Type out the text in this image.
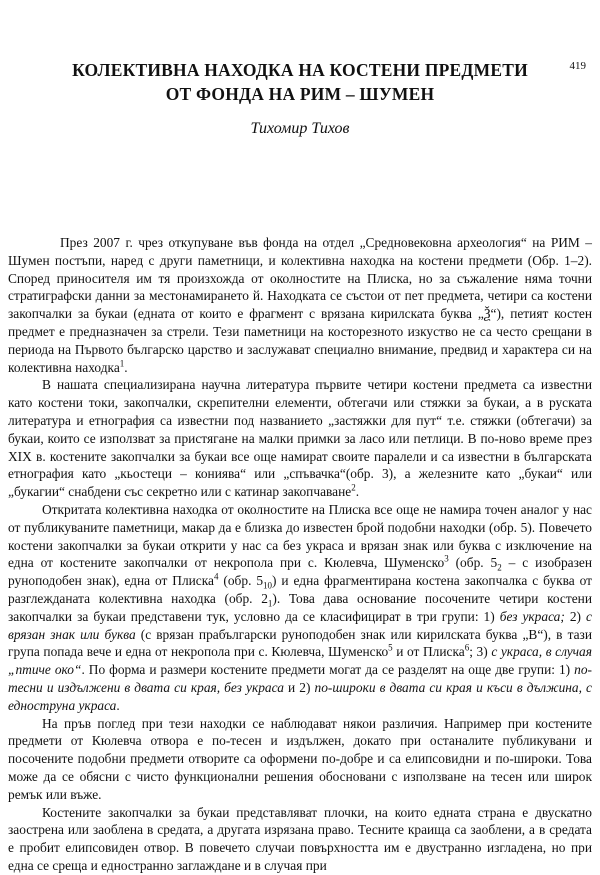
419
КОЛЕКТИВНА НАХОДКА НА КОСТЕНИ ПРЕДМЕТИ
ОТ ФОНДА НА РИМ – ШУМЕН
Тихомир Тихов

През 2007 г. чрез откупуване във фонда на отдел „Средновековна археология“ на РИМ – Шумен постъпи, наред с други паметници, и колективна находка на костени предмети (Обр. 1–2). Според приносителя им тя произхожда от околностите на Плиска, но за съжаление няма точни стратиграфски данни за местонамирането й. Находката се състои от пет предмета, четири са костени закопчалки за букаи (едната от които е фрагмент с врязана кирилската буква „Ѯ“), петият костен предмет е предназначен за стрели. Тези паметници на косторезното изкуство не са често срещани в периода на Първото българско царство и заслужават специално внимание, предвид и характера си на колективна находка$^1$.

В нашата специализирана научна литература първите четири костени предмета са известни като костени токи, закопчалки, скрепителни елементи, обтегачи или стяжки за букаи, а в руската литература и етнография са известни под названието „застяжки для пут“ т.е. стяжки (обтегачи) за букаи, които се използват за пристягане на малки примки за ласо или петлици. В по-ново време през XIX в. костените закопчалки за букаи все още намират своите паралели и са известни в българската етнография като „кьостеци – кониява“ или „спъвачка“(обр. 3), а железните като „букаи“ или „букагии“ снабдени със секретно или с катинар закопчаване$^2$.

Откритата колективна находка от околностите на Плиска все още не намира точен аналог у нас от публикуваните паметници, макар да е близка до известен брой подобни находки (обр. 5). Повечето костени закопчалки за букаи открити у нас са без украса и врязан знак или буква с изключение на една от костените закопчалки от некропола при с. Кюлевча, Шуменско$^3$ (обр. $5_2$ – с изобразен руноподобен знак), една от Плиска$^4$ (обр. $5_{10}$) и една фрагментирана костена закопчалка с буква от разглежданата колективна находка (обр. $2_1$). Това дава основание посочените четири костени закопчалки за букаи представени тук, условно да се класифицират в три групи: 1) без украса; 2) с врязан знак или буква (с врязан прабългарски руноподобен знак или кирилската буква „В“), в тази група попада вече и една от некропола при с. Кюлевча, Шуменско$^5$ и от Плиска$^6$; 3) с украса, в случая „птиче око“. По форма и размери костените предмети могат да се разделят на още две групи: 1) по-тесни и издължени в двата си края, без украса и 2) по-широки в двата си края и къси в дължина, с едноструна украса.

На пръв поглед при тези находки се наблюдават някои различия. Например при костените предмети от Кюлевча отвора е по-тесен и издължен, докато при останалите публикувани и посочените подобни предмети отворите са оформени по-добре и са елипсовидни и по-широки. Това може да се обясни с чисто функционални решения обосновани с използване на тесен или широк ремък или въже.

Костените закопчалки за букаи представляват плочки, на които едната страна е двускатно заострена или заоблена в средата, а другата изрязана право. Тесните краища са заоблени, а в средата е пробит елипсовиден отвор. В повечето случаи повърхността им е двустранно изгладена, но при една се среща и едностранно заглаждане и в случая при
